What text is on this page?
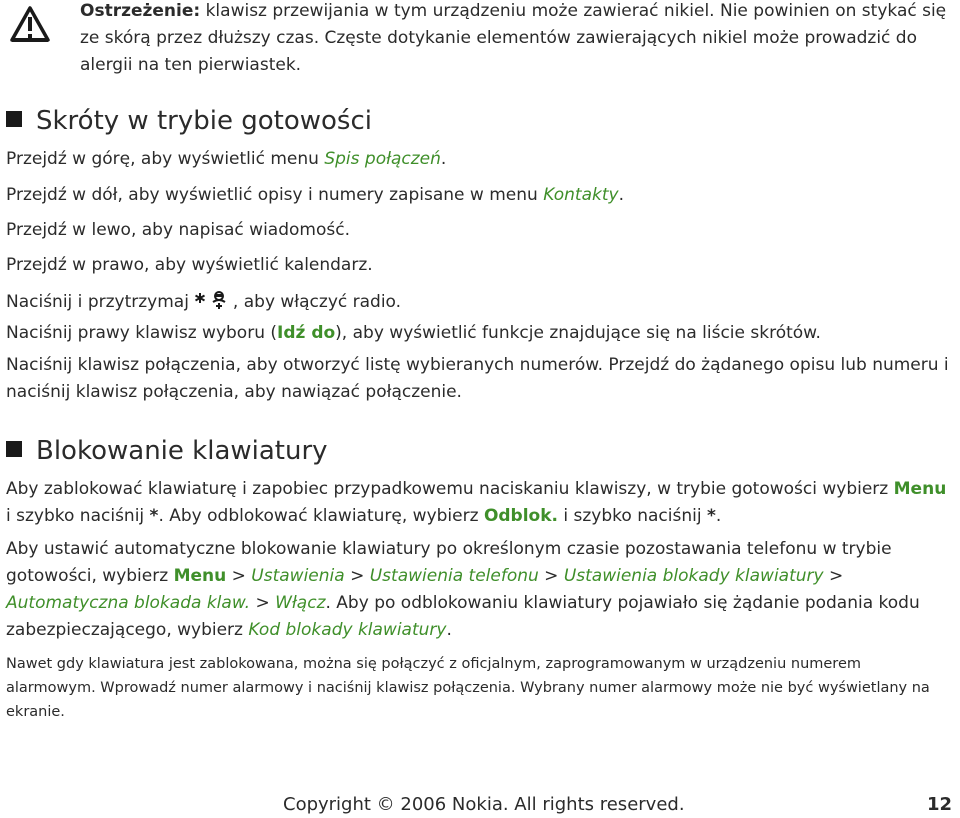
Ostrzeżenie: klawisz przewijania w tym urządzeniu może zawierać nikiel. Nie powinien on stykać się ze skórą przez dłuższy czas. Częste dotykanie elementów zawierających nikiel może prowadzić do alergii na ten pierwiastek.
Skróty w trybie gotowości
Przejdź w górę, aby wyświetlić menu Spis połączeń.
Przejdź w dół, aby wyświetlić opisy i numery zapisane w menu Kontakty.
Przejdź w lewo, aby napisać wiadomość.
Przejdź w prawo, aby wyświetlić kalendarz.
Naciśnij i przytrzymaj	, aby włączyć radio.
Naciśnij prawy klawisz wyboru (Idź do), aby wyświetlić funkcje znajdujące się na liście skrótów.
Naciśnij klawisz połączenia, aby otworzyć listę wybieranych numerów. Przejdź do żądanego opisu lub numeru i naciśnij klawisz połączenia, aby nawiązać połączenie.
Blokowanie klawiatury
Aby zablokować klawiaturę i zapobiec przypadkowemu naciskaniu klawiszy, w trybie gotowości wybierz Menu i szybko naciśnij *. Aby odblokować klawiaturę, wybierz Odblok. i szybko naciśnij *.
Aby ustawić automatyczne blokowanie klawiatury po określonym czasie pozostawania telefonu w trybie gotowości, wybierz Menu > Ustawienia > Ustawienia telefonu > Ustawienia blokady klawiatury > Automatyczna blokada klaw. > Włącz. Aby po odblokowaniu klawiatury pojawiało się żądanie podania kodu zabezpieczającego, wybierz Kod blokady klawiatury.
Nawet gdy klawiatura jest zablokowana, można się połączyć z oficjalnym, zaprogramowanym w urządzeniu numerem alarmowym. Wprowadź numer alarmowy i naciśnij klawisz połączenia. Wybrany numer alarmowy może nie być wyświetlany na ekranie.
Copyright © 2006 Nokia. All rights reserved.	12
